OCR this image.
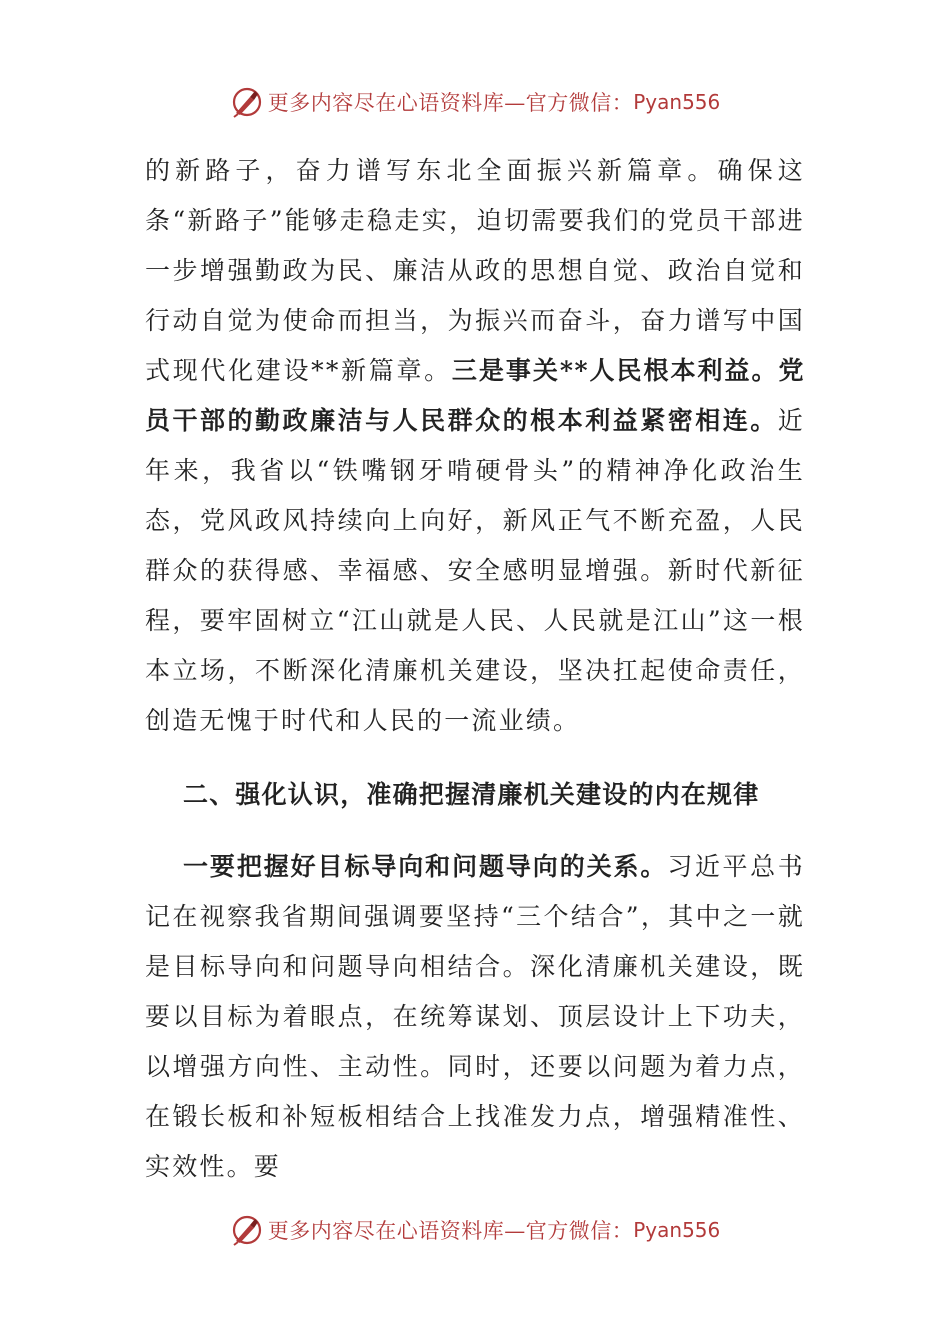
更多内容尽在心语资料库—官方微信： Pyan556

的新路子，奋力谱写东北全面振兴新篇章。确保这条“新路子”能够走稳走实，迫切需要我们的党员干部进一步增强勤政为民、廉洁从政的思想自觉、政治自觉和行动自觉为使命而担当，为振兴而奋斗，奋力谱写中国式现代化建设**新篇章。三是事关**人民根本利益。党员干部的勤政廉洁与人民群众的根本利益紧密相连。近年来，我省以“铁嘴钢牙啃硬骨头”的精神净化政治生态，党风政风持续向上向好，新风正气不断充盈，人民群众的获得感、幸福感、安全感明显增强。新时代新征程，要牢固树立“江山就是人民、人民就是江山”这一根本立场，不断深化清廉机关建设，坚决扛起使命责任，创造无愧于时代和人民的一流业绩。

二、强化认识，准确把握清廉机关建设的内在规律

一要把握好目标导向和问题导向的关系。习近平总书记在视察我省期间强调要坚持“三个结合”，其中之一就是目标导向和问题导向相结合。深化清廉机关建设，既要以目标为着眼点，在统筹谋划、顶层设计上下功夫，以增强方向性、主动性。同时，还要以问题为着力点，在锻长板和补短板相结合上找准发力点，增强精准性、实效性。要

更多内容尽在心语资料库—官方微信： Pyan556
